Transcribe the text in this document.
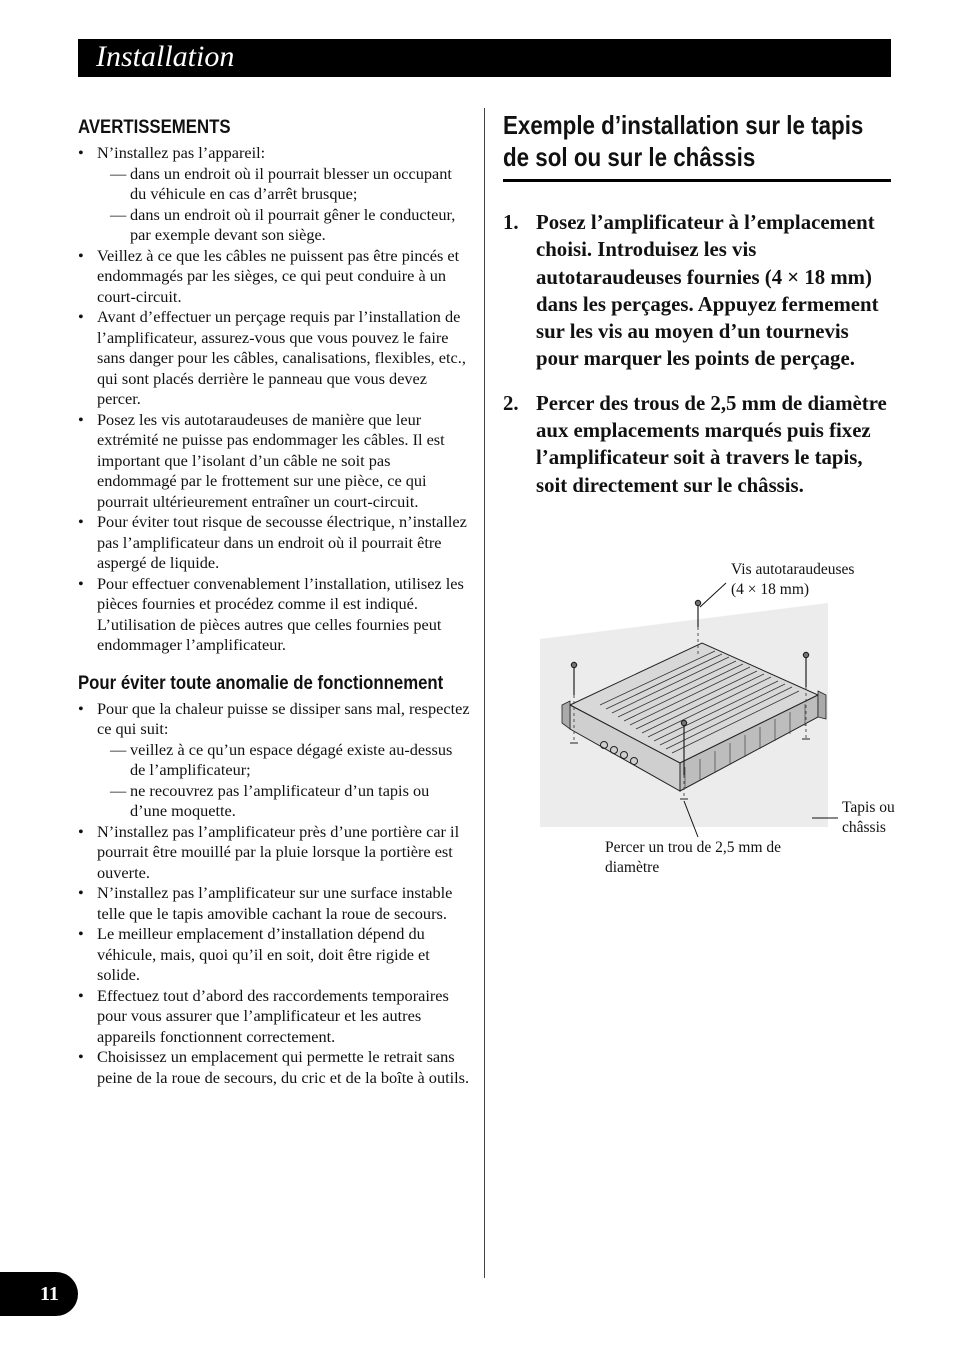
Installation
AVERTISSEMENTS
• N’installez pas l’appareil:
— dans un endroit où il pourrait blesser un occupant du véhicule en cas d’arrêt brusque;
— dans un endroit où il pourrait gêner le conducteur, par exemple devant son siège.
• Veillez à ce que les câbles ne puissent pas être pincés et endommagés par les sièges, ce qui peut conduire à un court-circuit.
• Avant d’effectuer un perçage requis par l’installation de l’amplificateur, assurez-vous que vous pouvez le faire sans danger pour les câbles, canalisations, flexibles, etc., qui sont placés derrière le panneau que vous devez percer.
• Posez les vis autotaraudeuses de manière que leur extrémité ne puisse pas endommager les câbles. Il est important que l’isolant d’un câble ne soit pas endommagé par le frottement sur une pièce, ce qui pourrait ultérieurement entraîner un court-circuit.
• Pour éviter tout risque de secousse électrique, n’installez pas l’amplificateur dans un endroit où il pourrait être aspergé de liquide.
• Pour effectuer convenablement l’installation, utilisez les pièces fournies et procédez comme il est indiqué. L’utilisation de pièces autres que celles fournies peut endommager l’amplificateur.
Pour éviter toute anomalie de fonctionnement
• Pour que la chaleur puisse se dissiper sans mal, respectez ce qui suit:
— veillez à ce qu’un espace dégagé existe au-dessus de l’amplificateur;
— ne recouvrez pas l’amplificateur d’un tapis ou d’une moquette.
• N’installez pas l’amplificateur près d’une portière car il pourrait être mouillé par la pluie lorsque la portière est ouverte.
• N’installez pas l’amplificateur sur une surface instable telle que le tapis amovible cachant la roue de secours.
• Le meilleur emplacement d’installation dépend du véhicule, mais, quoi qu’il en soit, doit être rigide et solide.
• Effectuez tout d’abord des raccordements temporaires pour vous assurer que l’amplificateur et les autres appareils fonctionnent correctement.
• Choisissez un emplacement qui permette le retrait sans peine de la roue de secours, du cric et de la boîte à outils.
Exemple d’installation sur le tapis de sol ou sur le châssis
1. Posez l’amplificateur à l’emplacement choisi. Introduisez les vis autotaraudeuses fournies (4 × 18 mm) dans les perçages. Appuyez fermement sur les vis au moyen d’un tournevis pour marquer les points de perçage.
2. Percer des trous de 2,5 mm de diamètre aux emplacements marqués puis fixez l’amplificateur soit à travers le tapis, soit directement sur le châssis.
Vis autotaraudeuses
(4 × 18 mm)
Tapis ou
châssis
Percer un trou de 2,5 mm de
diamètre
11
